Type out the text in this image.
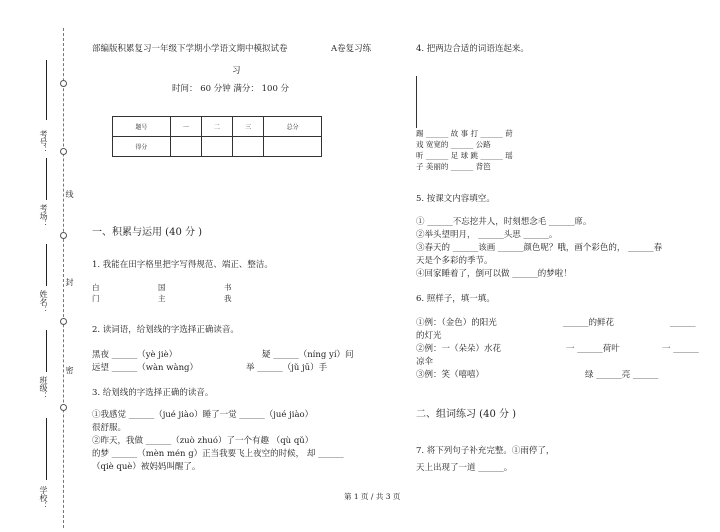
考号：
考场：
姓名：
班级：
学校：
线
封
密
部编版积累复习一年级下学期小学语文期中模拟试卷	A卷复习练
习
时间： 60 分钟 满分： 100 分
题号	一	二	三	总分
得分				
一、积累与运用 (40 分 )
1. 我能在田字格里把字写得规范、端正、整洁。
白	国	书
门	主	我
2. 读词语，给划线的字选择正确读音。
黑夜 ______（yè jiè）	疑 ______（níng yí）问
远望 ______（wàn wàng）	举 ______（jǔ jū）手
3. 给划线的字选择正确的读音。
①我感觉 ______（jué jiào）睡了一觉 ______（jué jiào）
很舒服。
②昨天，我做 ______（zuò zhuó）了一个有趣 （qù qǔ）
的梦 ______（mèn mén g）正当我要飞上夜空的时候， 却 ______
（qiè què）被妈妈叫醒了。
4. 把两边合适的词语连起来。
踢 ______ 故 事 打 ______ 莳
戏 宽宽的 ______ 公路
听 ______ 足 球 跳 ______ 瑶
子 美丽的 ______ 背笆
5. 按课文内容填空。
① ______不忘挖井人，时刻想念毛 ______席。
②举头望明月， ______头思 ______。
③春天的 ______该画 ______颜色呢？哦，画个彩色的， ______春
天是个多彩的季节。
④回家睡着了，倒可以做 ______的梦啦！
6. 照样子，填一填。
①例：（金色）的阳光	______的鲜花	______
的灯光
②例：一（朵朵）水花	一 ______荷叶	一 ______
凉伞
③例：笑（嘻嘻）	绿 ______亮 ______
二、组词练习 (40 分 )
7. 将下列句子补充完整。①雨停了，
天上出现了一道 ______。
第 1 页 / 共 3 页
